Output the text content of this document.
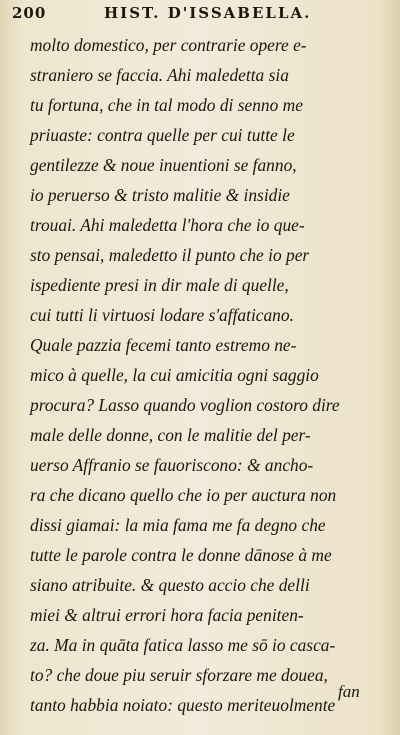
200	HIST. D'ISSABELLA.
molto domestico, per contrarie opere e-
straniero se faccia. Ahi maledetta sia
tu fortuna, che in tal modo di senno me
priuaste: contra quelle per cui tutte le
gentilezze & noue inuentioni se fanno,
io peruerso & tristo malitie & insidie
trouai. Ahi maledetta l'hora che io que-
sto pensai, maledetto il punto che io per
ispediente presi in dir male di quelle,
cui tutti li virtuosi lodare s'affaticano.
Quale pazzia fecemi tanto estremo ne-
mico à quelle, la cui amicitia ogni saggio
procura? Lasso quando voglion costoro dire
male delle donne, con le malitie del per-
uerso Affranio se fauoriscono: & ancho-
ra che dicano quello che io per auctura non
dissi giamai: la mia fama me fa degno che
tutte le parole contra le donne dānose à me
siano atribuite. & questo accio che delli
miei & altrui errori hora facia peniten-
za. Ma in quāta fatica lasso me sō io casca-
to? che doue piu seruir sforzare me douea,
tanto habbia noiato: questo meriteuolmente
fan
